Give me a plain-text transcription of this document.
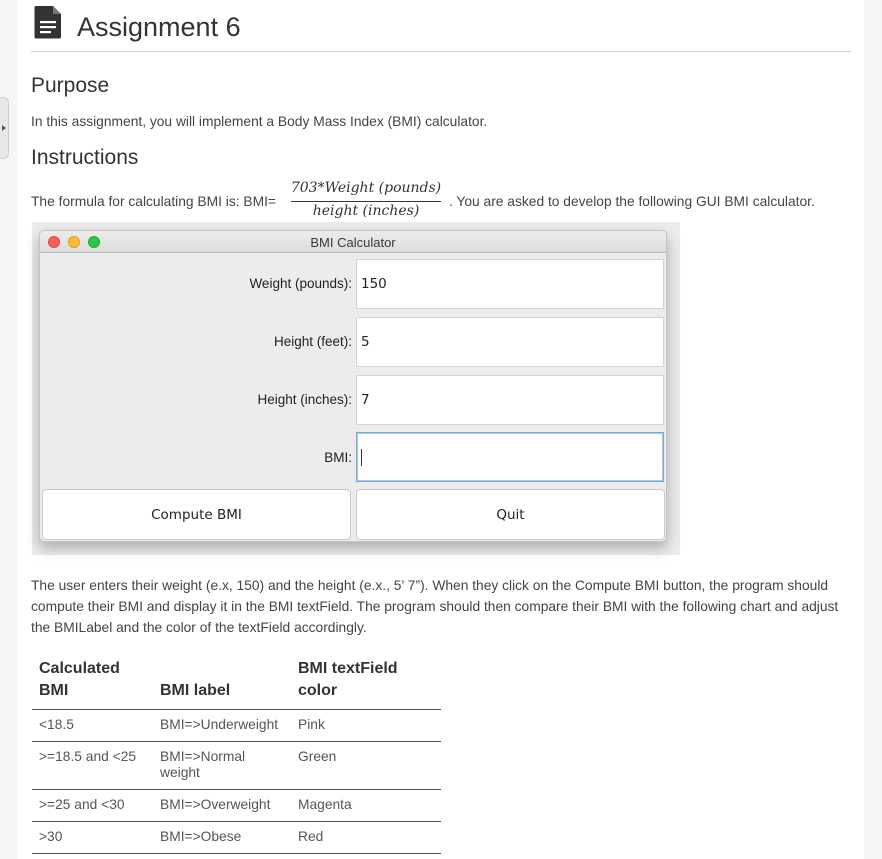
Assignment 6
Purpose

In this assignment, you will implement a Body Mass Index (BMI) calculator.

Instructions
The formula for calculating BMI is: BMI=
703*Weight (pounds)
height (inches)
. You are asked to develop the following GUI BMI calculator.
BMI Calculator
Weight (pounds): 150
Height (feet): 5
Height (inches): 7
BMI:
Compute BMI	Quit

The user enters their weight (e.x, 150) and the height (e.x., 5’ 7”). When they click on the Compute BMI button, the program should compute their BMI and display it in the BMI textField. The program should then compare their BMI with the following chart and adjust the BMILabel and the color of the textField accordingly.

Calculated BMI	BMI label	BMI textField color
<18.5	BMI=>Underweight	Pink
>=18.5 and <25	BMI=>Normal weight	Green
>=25 and <30	BMI=>Overweight	Magenta
>30	BMI=>Obese	Red
